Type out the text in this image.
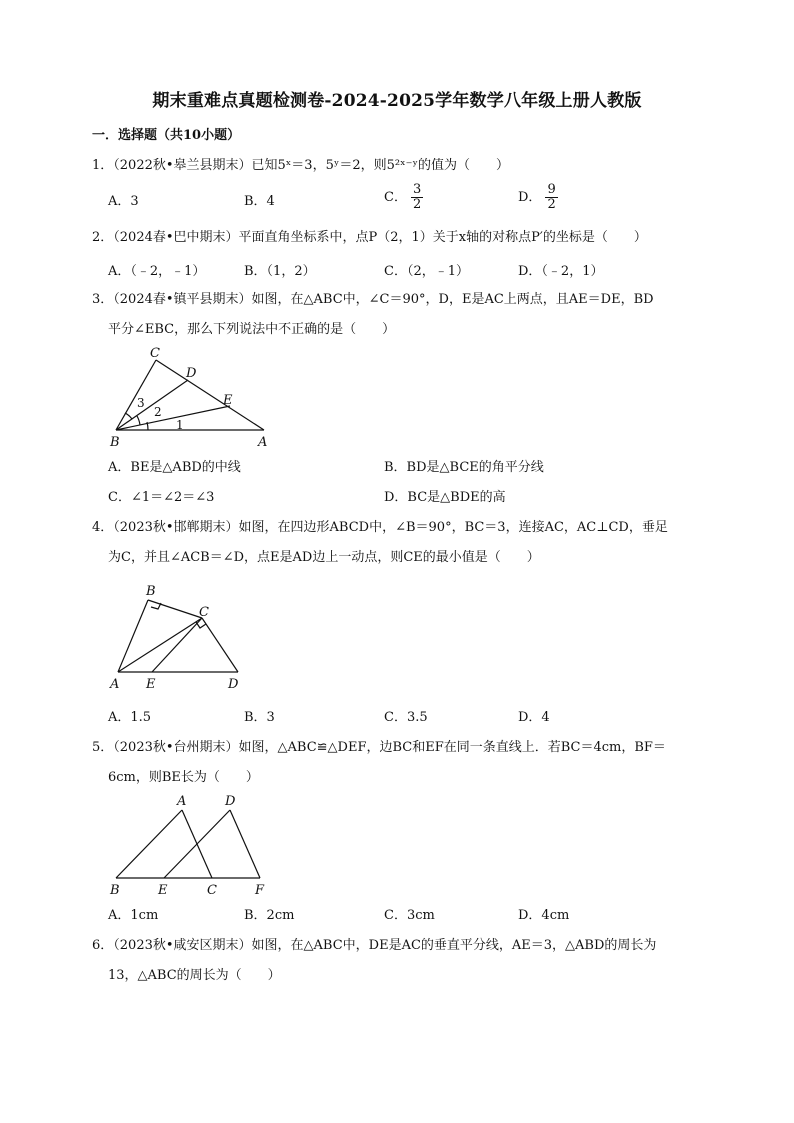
期末重难点真题检测卷-2024-2025学年数学八年级上册人教版
一．选择题（共10小题）
1．（2022秋•皋兰县期末）已知5ˣ＝3，5ʸ＝2，则5²ˣ⁻ʸ的值为（　　）
A．3	B．4	C． $\frac{3}{2}$	D． $\frac{9}{2}$
2．（2024春•巴中期末）平面直角坐标系中，点P（2，1）关于x轴的对称点P′的坐标是（　　）
A．（﹣2，﹣1）	B．（1，2）	C．（2，﹣1）	D．（﹣2，1）
3．（2024春•镇平县期末）如图，在△ABC中，∠C＝90°，D，E是AC上两点，且AE＝DE，BD
平分∠EBC，那么下列说法中不正确的是（　　）
C
D
E
B	A
1
2
3
A．BE是△ABD的中线	B．BD是△BCE的角平分线
C．∠1＝∠2＝∠3	D．BC是△BDE的高
4．（2023秋•邯郸期末）如图，在四边形ABCD中，∠B＝90°，BC＝3，连接AC，AC⊥CD，垂足
为C，并且∠ACB＝∠D，点E是AD边上一动点，则CE的最小值是（　　）
B
C
A E	D
A．1.5	B．3	C．3.5	D．4
5．（2023秋•台州期末）如图，△ABC≌△DEF，边BC和EF在同一条直线上．若BC＝4cm，BF＝
6cm，则BE长为（　　）
A	D
B	E	C	F
A．1cm	B．2cm	C．3cm	D．4cm
6．（2023秋•咸安区期末）如图，在△ABC中，DE是AC的垂直平分线，AE＝3，△ABD的周长为
13，△ABC的周长为（　　）
